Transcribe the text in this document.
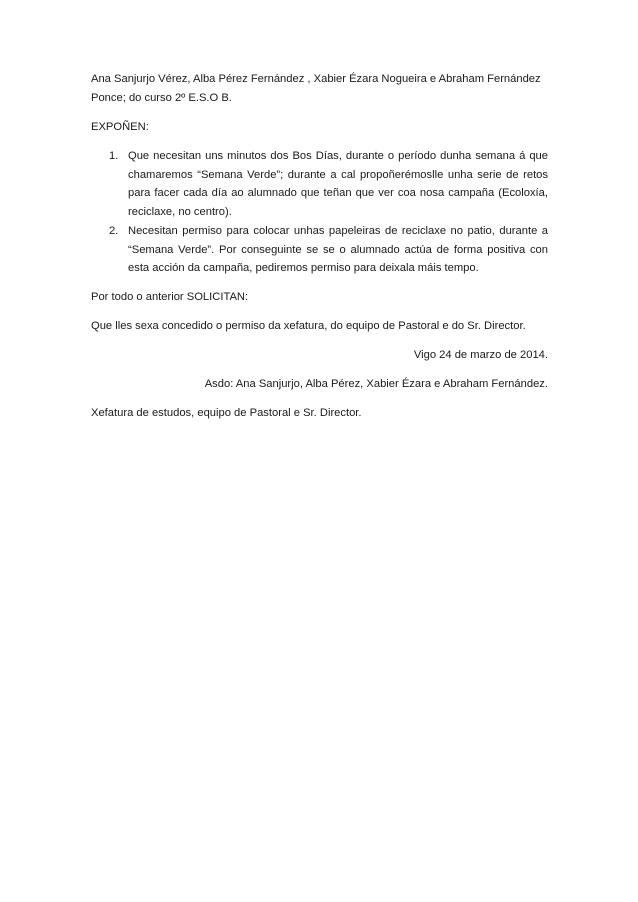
Ana Sanjurjo Vérez, Alba Pérez Fernández , Xabier Ézara Nogueira e Abraham Fernández Ponce; do curso 2º E.S.O B.

EXPOÑEN:

1. Que necesitan uns minutos dos Bos Días, durante o período dunha semana á que chamaremos “Semana Verde”; durante a cal propoñerémoslle unha serie de retos para facer cada día ao alumnado que teñan que ver coa nosa campaña (Ecoloxía, reciclaxe, no centro).
2. Necesitan permiso para colocar unhas papeleiras de reciclaxe no patio, durante a “Semana Verde”. Por conseguinte se se o alumnado actúa de forma positiva con esta acción da campaña, pediremos permiso para deixala máis tempo.

Por todo o anterior SOLICITAN:

Que lles sexa concedido o permiso da xefatura, do equipo de Pastoral e do Sr. Director.

Vigo 24 de marzo de 2014.

Asdo: Ana Sanjurjo, Alba Pérez, Xabier Ézara e Abraham Fernández.

Xefatura de estudos, equipo de Pastoral e Sr. Director.
